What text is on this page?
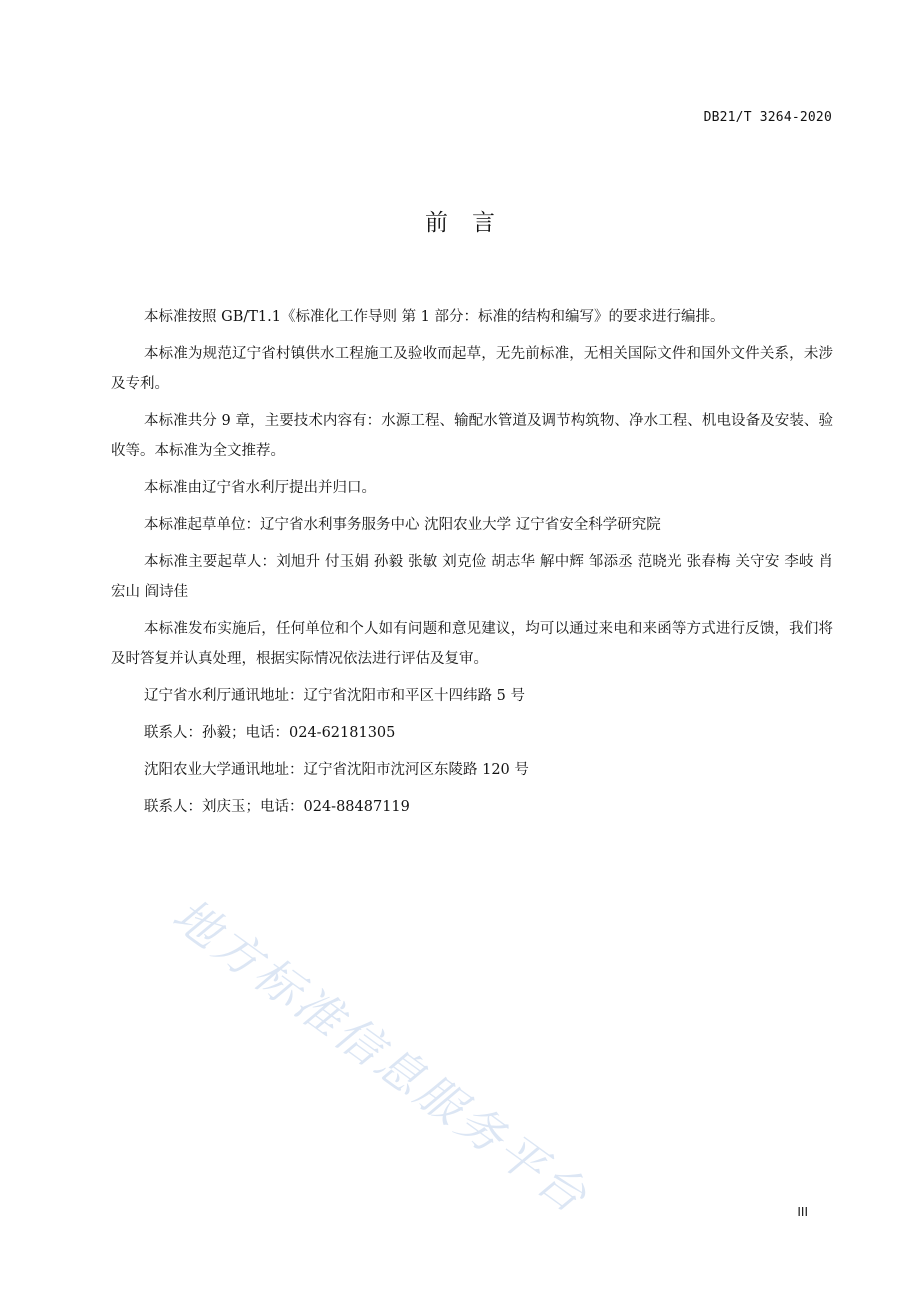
DB21/T 3264-2020
前言

本标准按照 GB/T1.1《标准化工作导则 第 1 部分：标准的结构和编写》的要求进行编排。

本标准为规范辽宁省村镇供水工程施工及验收而起草，无先前标准，无相关国际文件和国外文件关系，未涉及专利。

本标准共分 9 章，主要技术内容有：水源工程、输配水管道及调节构筑物、净水工程、机电设备及安装、验收等。本标准为全文推荐。

本标准由辽宁省水利厅提出并归口。

本标准起草单位：辽宁省水利事务服务中心 沈阳农业大学 辽宁省安全科学研究院

本标准主要起草人：刘旭升 付玉娟 孙毅 张敏 刘克俭 胡志华 解中辉 邹添丞 范晓光 张春梅 关守安 李岐 肖宏山 阎诗佳

本标准发布实施后，任何单位和个人如有问题和意见建议，均可以通过来电和来函等方式进行反馈，我们将及时答复并认真处理，根据实际情况依法进行评估及复审。

辽宁省水利厅通讯地址：辽宁省沈阳市和平区十四纬路 5 号

联系人：孙毅；电话：024-62181305

沈阳农业大学通讯地址：辽宁省沈阳市沈河区东陵路 120 号

联系人：刘庆玉；电话：024-88487119

地方标准信息服务平台	III
